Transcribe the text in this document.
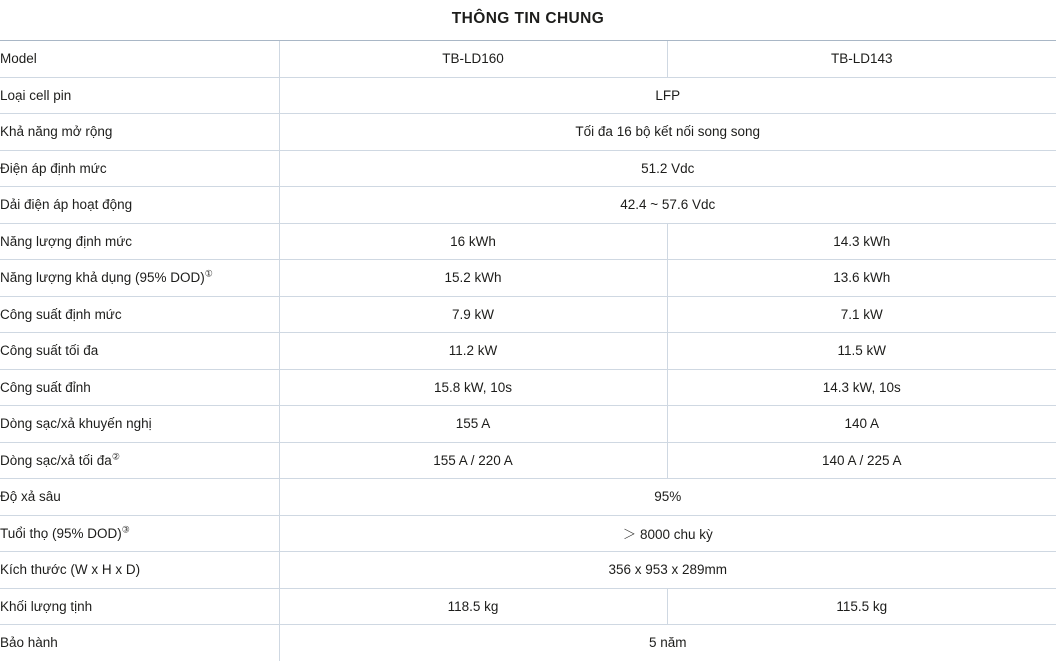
THÔNG TIN CHUNG		
Model	TB-LD160	TB-LD143
Loại cell pin	LFP	
Khả năng mở rộng	Tối đa 16 bộ kết nối song song	
Điện áp định mức	51.2 Vdc	
Dải điện áp hoạt động	42.4 ~ 57.6 Vdc	
Năng lượng định mức	16 kWh	14.3 kWh
Năng lượng khả dụng (95% DOD)①	15.2 kWh	13.6 kWh
Công suất định mức	7.9 kW	7.1 kW
Công suất tối đa	11.2 kW	11.5 kW
Công suất đỉnh	15.8 kW, 10s	14.3 kW, 10s
Dòng sạc/xả khuyến nghị	155 A	140 A
Dòng sạc/xả tối đa②	155 A / 220 A	140 A / 225 A
Độ xả sâu	95%	
Tuổi thọ (95% DOD)③	＞ 8000 chu kỳ	
Kích thước (W x H x D)	356 x 953 x 289mm	
Khối lượng tịnh	118.5 kg	115.5 kg
Bảo hành	5 năm	
